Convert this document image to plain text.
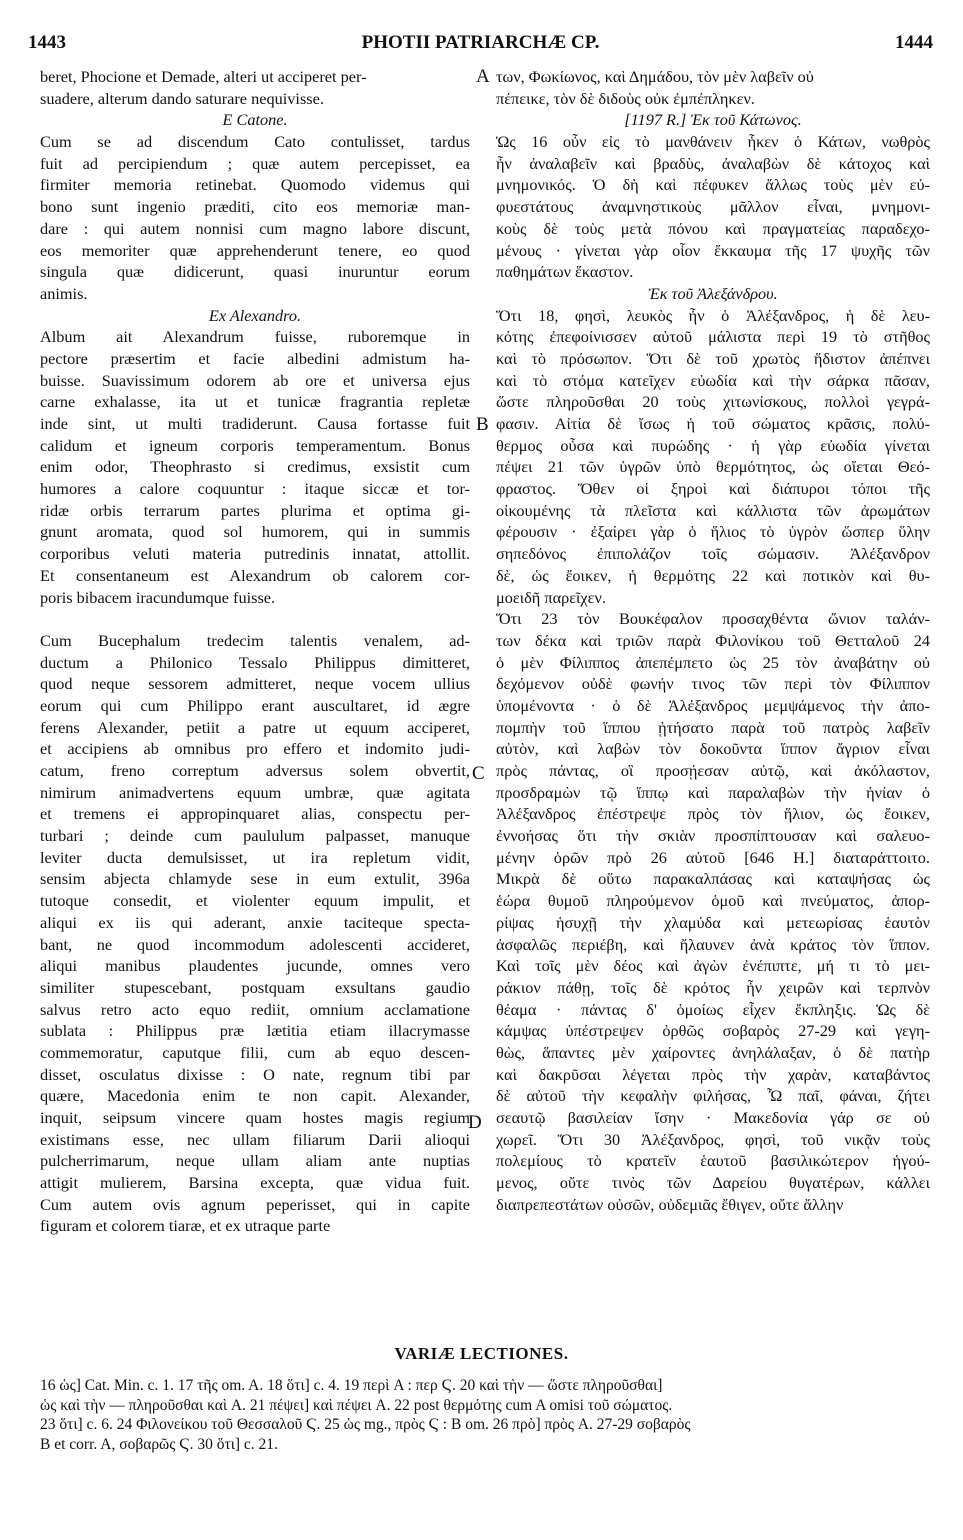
1443	PHOTII PATRIARCHÆ CP.	1444
beret, Phocione et Demade, alteri ut acciperet per-
suadere, alterum dando saturare nequivisse.
E Catone.
Cum se ad discendum Cato contulisset, tardus
fuit ad percipiendum ; quæ autem percepisset, ea
firmiter memoria retinebat. Quomodo videmus qui
bono sunt ingenio præditi, cito eos memoriæ man-
dare : qui autem nonnisi cum magno labore discunt,
eos memoriter quæ apprehenderunt tenere, eo quod
singula quæ didicerunt, quasi inuruntur eorum
animis.
Ex Alexandro.
Album ait Alexandrum fuisse, ruboremque in
pectore præsertim et facie albedini admistum ha-
buisse. Suavissimum odorem ab ore et universa ejus
carne exhalasse, ita ut et tunicæ fragrantia repletæ
inde sint, ut multi tradiderunt. Causa fortasse fuit
calidum et igneum corporis temperamentum. Bonus
enim odor, Theophrasto si credimus, exsistit cum
humores a calore coquuntur : itaque siccæ et tor-
ridæ orbis terrarum partes plurima et optima gi-
gnunt aromata, quod sol humorem, qui in summis
corporibus veluti materia putredinis innatat, attollit.
Et consentaneum est Alexandrum ob calorem cor-
poris bibacem iracundumque fuisse.
Cum Bucephalum tredecim talentis venalem, ad-
ductum a Philonico Tessalo Philippus dimitteret,
quod neque sessorem admitteret, neque vocem ullius
eorum qui cum Philippo erant auscultaret, id ægre
ferens Alexander, petiit a patre ut equum acciperet,
et accipiens ab omnibus pro effero et indomito judi-
catum, freno correptum adversus solem obvertit,
nimirum animadvertens equum umbræ, quæ agitata
et tremens ei appropinquaret alias, conspectu per-
turbari ; deinde cum paululum palpasset, manuque
leviter ducta demulsisset, ut ira repletum vidit,
sensim abjecta chlamyde sese in eum extulit, 396a
tutoque consedit, et violenter equum impulit, et
aliqui ex iis qui aderant, anxie taciteque specta-
bant, ne quod incommodum adolescenti accideret,
aliqui manibus plaudentes jucunde, omnes vero
similiter stupescebant, postquam exsultans gaudio
salvus retro acto equo rediit, omnium acclamatione
sublata : Philippus præ lætitia etiam illacrymasse
commemoratur, caputque filii, cum ab equo descen-
disset, osculatus dixisse : O nate, regnum tibi par
quære, Macedonia enim te non capit. Alexander,
inquit, seipsum vincere quam hostes magis regium
existimans esse, nec ullam filiarum Darii alioqui
pulcherrimarum, neque ullam aliam ante nuptias
attigit mulierem, Barsina excepta, quæ vidua fuit.
Cum autem ovis agnum peperisset, qui in capite
figuram et colorem tiaræ, et ex utraque parte
των, Φωκίωνος, καὶ Δημάδου, τὸν μὲν λαβεῖν οὐ
πέπεικε, τὸν δὲ διδοὺς οὐκ ἐμπέπληκεν.
[1197 R.] Ἐκ τοῦ Κάτωνος.
Ὡς 16 οὖν εἰς τὸ μανθάνειν ἧκεν ὁ Κάτων, νωθρὸς
ἦν ἀναλαβεῖν καὶ βραδὺς, ἀναλαβὼν δὲ κάτοχος καὶ
μνημονικός. Ὁ δὴ καὶ πέφυκεν ἄλλως τοὺς μὲν εὐ-
φυεστάτους ἀναμνηστικοὺς μᾶλλον εἶναι, μνημονι-
κοὺς δὲ τοὺς μετὰ πόνου καὶ πραγματείας παραδεχο-
μένους · γίνεται γὰρ οἷον ἔκκαυμα τῆς 17 ψυχῆς τῶν
παθημάτων ἕκαστον.
Ἐκ τοῦ Ἀλεξάνδρου.
Ὅτι 18, φησὶ, λευκὸς ἦν ὁ Ἀλέξανδρος, ἡ δὲ λευ-
κότης ἐπεφοίνισσεν αὐτοῦ μάλιστα περὶ 19 τὸ στῆθος
καὶ τὸ πρόσωπον. Ὅτι δὲ τοῦ χρωτὸς ἥδιστον ἀπέπνει
καὶ τὸ στόμα κατεῖχεν εὐωδία καὶ τὴν σάρκα πᾶσαν,
ὥστε πληροῦσθαι 20 τοὺς χιτωνίσκους, πολλοὶ γεγρά-
φασιν. Αἰτία δὲ ἴσως ἡ τοῦ σώματος κρᾶσις, πολύ-
θερμος οὖσα καὶ πυρώδης · ἡ γὰρ εὐωδία γίνεται
πέψει 21 τῶν ὑγρῶν ὑπὸ θερμότητος, ὡς οἴεται Θεό-
φραστος. Ὅθεν οἱ ξηροὶ καὶ διάπυροι τόποι τῆς
οἰκουμένης τὰ πλεῖστα καὶ κάλλιστα τῶν ἀρωμάτων
φέρουσιν · ἐξαίρει γὰρ ὁ ἥλιος τὸ ὑγρὸν ὥσπερ ὕλην
σηπεδόνος ἐπιπολάζον τοῖς σώμασιν. Ἀλέξανδρον
δὲ, ὡς ἔοικεν, ἡ θερμότης 22 καὶ ποτικὸν καὶ θυ-
μοειδῆ παρεῖχεν.
Ὅτι 23 τὸν Βουκέφαλον προσαχθέντα ὤνιον ταλάν-
των δέκα καὶ τριῶν παρὰ Φιλονίκου τοῦ Θετταλοῦ 24
ὁ μὲν Φίλιππος ἀπεπέμπετο ὡς 25 τὸν ἀναβάτην οὐ
δεχόμενον οὐδὲ φωνήν τινος τῶν περὶ τὸν Φίλιππον
ὑπομένοντα · ὁ δὲ Ἀλέξανδρος μεμψάμενος τὴν ἀπο-
πομπὴν τοῦ ἵππου ᾐτήσατο παρὰ τοῦ πατρὸς λαβεῖν
αὐτὸν, καὶ λαβὼν τὸν δοκοῦντα ἵππον ἄγριον εἶναι
πρὸς πάντας, οἳ προσῄεσαν αὐτῷ, καὶ ἀκόλαστον,
προσδραμὼν τῷ ἵππῳ καὶ παραλαβὼν τὴν ἡνίαν ὁ
Ἀλέξανδρος ἐπέστρεψε πρὸς τὸν ἥλιον, ὡς ἔοικεν,
ἐννοήσας ὅτι τὴν σκιὰν προσπίπτουσαν καὶ σαλευο-
μένην ὁρῶν πρὸ 26 αὐτοῦ [646 H.] διαταράττοιτο.
Μικρὰ δὲ οὕτω παρακαλπάσας καὶ καταψήσας ὡς
ἑώρα θυμοῦ πληρούμενον ὁμοῦ καὶ πνεύματος, ἀπορ-
ρίψας ἡσυχῇ τὴν χλαμύδα καὶ μετεωρίσας ἑαυτὸν
ἀσφαλῶς περιέβη, καὶ ἤλαυνεν ἀνὰ κράτος τὸν ἵππον.
Καὶ τοῖς μὲν δέος καὶ ἀγὼν ἐνέπιπτε, μή τι τὸ μει-
ράκιον πάθῃ, τοῖς δὲ κρότος ἦν χειρῶν καὶ τερπνὸν
θέαμα · πάντας δ' ὁμοίως εἶχεν ἔκπληξις. Ὡς δὲ
κάμψας ὑπέστρεψεν ὀρθῶς σοβαρὸς 27-29 καὶ γεγη-
θὼς, ἅπαντες μὲν χαίροντες ἀνηλάλαξαν, ὁ δὲ πατὴρ
καὶ δακρῦσαι λέγεται πρὸς τὴν χαρὰν, καταβάντος
δὲ αὐτοῦ τὴν κεφαλὴν φιλήσας, Ὦ παῖ, φάναι, ζήτει
σεαυτῷ βασιλείαν ἴσην · Μακεδονία γάρ σε οὐ
χωρεῖ. Ὅτι 30 Ἀλέξανδρος, φησὶ, τοῦ νικᾷν τοὺς
πολεμίους τὸ κρατεῖν ἑαυτοῦ βασιλικώτερον ἡγού-
μενος, οὔτε τινὸς τῶν Δαρείου θυγατέρων, κάλλει
διαπρεπεστάτων οὐσῶν, οὐδεμιᾶς ἔθιγεν, οὔτε ἄλλην
A
B
C
D
VARIÆ LECTIONES.
16 ὡς] Cat. Min. c. 1. 17 τῆς om. A. 18 ὅτι] c. 4. 19 περὶ A : περ Ϛ. 20 καὶ τὴν — ὥστε πληροῦσθαι]
ὡς καὶ τὴν — πληροῦσθαι καὶ A. 21 πέψει] καὶ πέψει A. 22 post θερμότης cum A omisi τοῦ σώματος.
23 ὅτι] c. 6. 24 Φιλονείκου τοῦ Θεσσαλοῦ Ϛ. 25 ὡς mg., πρὸς Ϛ : B om. 26 πρὸ] πρὸς A. 27-29 σοβαρὸς
B et corr. A, σοβαρῶς Ϛ. 30 ὅτι] c. 21.
